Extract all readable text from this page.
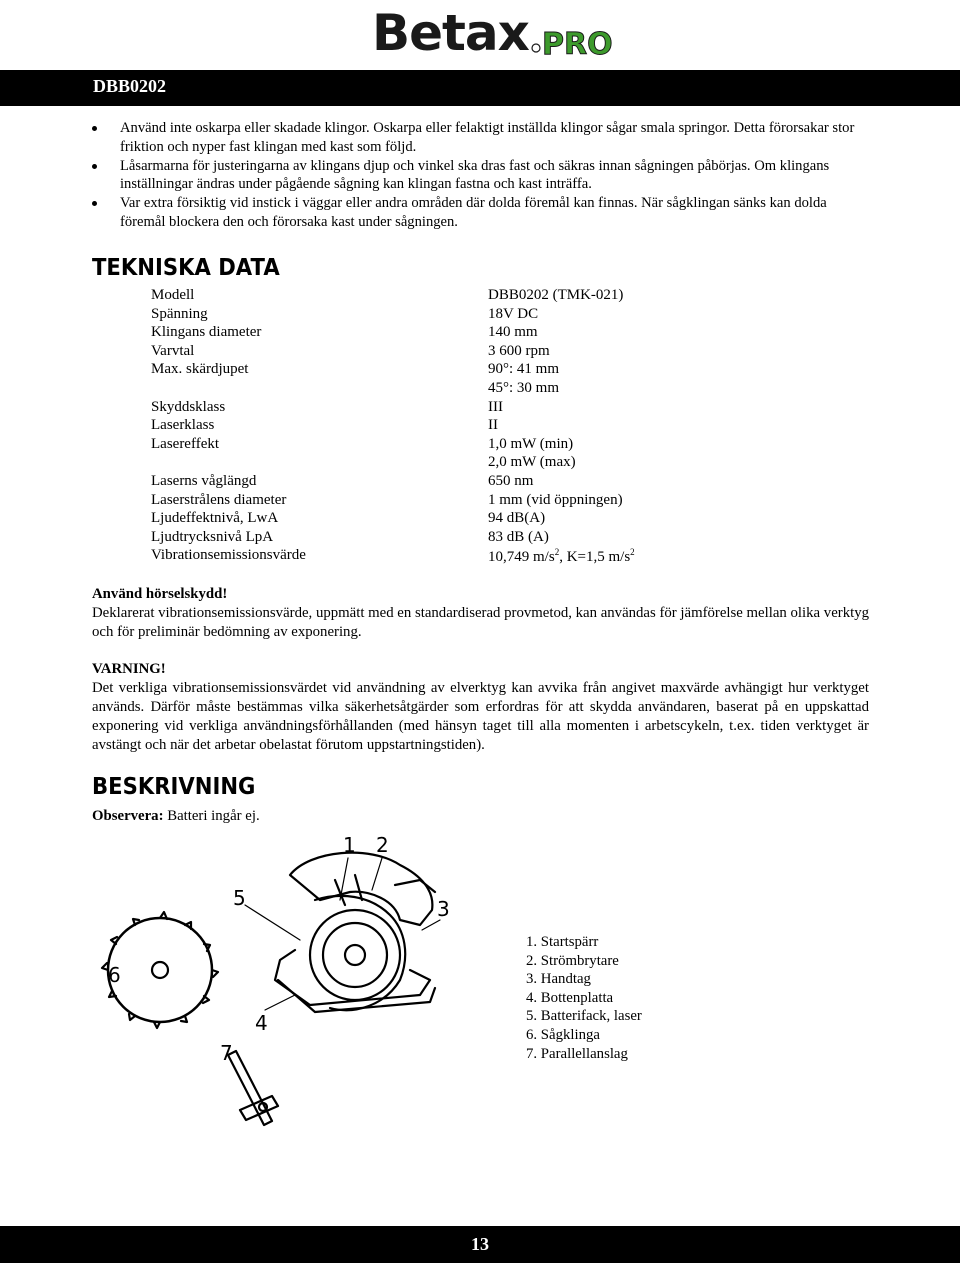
Betax PRO
DBB0202
Använd inte oskarpa eller skadade klingor. Oskarpa eller felaktigt inställda klingor sågar smala springor. Detta förorsakar stor friktion och nyper fast klingan med kast som följd.
Låsarmarna för justeringarna av klingans djup och vinkel ska dras fast och säkras innan sågningen påbörjas. Om klingans inställningar ändras under pågående sågning kan klingan fastna och kast inträffa.
Var extra försiktig vid instick i väggar eller andra områden där dolda föremål kan finnas. När sågklingan sänks kan dolda föremål blockera den och förorsaka kast under sågningen.
TEKNISKA DATA
Modell	DBB0202 (TMK-021)
Spänning	18V DC
Klingans diameter	140 mm
Varvtal	3 600 rpm
Max. skärdjupet	90°: 41 mm
	45°: 30 mm
Skyddsklass	III
Laserklass	II
Lasereffekt	1,0 mW (min)
	2,0 mW (max)
Laserns våglängd	650 nm
Laserstrålens diameter	1 mm (vid öppningen)
Ljudeffektnivå, LwA	94 dB(A)
Ljudtrycksnivå LpA	83 dB (A)
Vibrationsemissionsvärde	10,749 $m/s^2$, K=1,5 $m/s^2$

Använd hörselskydd!
Deklarerat vibrationsemissionsvärde, uppmätt med en standardiserad provmetod, kan användas för jämförelse mellan olika verktyg och för preliminär bedömning av exponering.

VARNING!
Det verkliga vibrationsemissionsvärdet vid användning av elverktyg kan avvika från angivet maxvärde avhängigt hur verktyget används. Därför måste bestämmas vilka säkerhetsåtgärder som erfordras för att skydda användaren, baserat på en uppskattad exponering vid verkliga användningsförhållanden (med hänsyn taget till alla momenten i arbetscykeln, t.ex. tiden verktyget är avstängt och när det arbetar obelastat förutom uppstartningstiden).

BESKRIVNING

Observera: Batteri ingår ej.

1 2
3
4
5
6
7
1. Startspärr
2. Strömbrytare
3. Handtag
4. Bottenplatta
5. Batterifack, laser
6. Sågklinga
7. Parallellanslag
13
